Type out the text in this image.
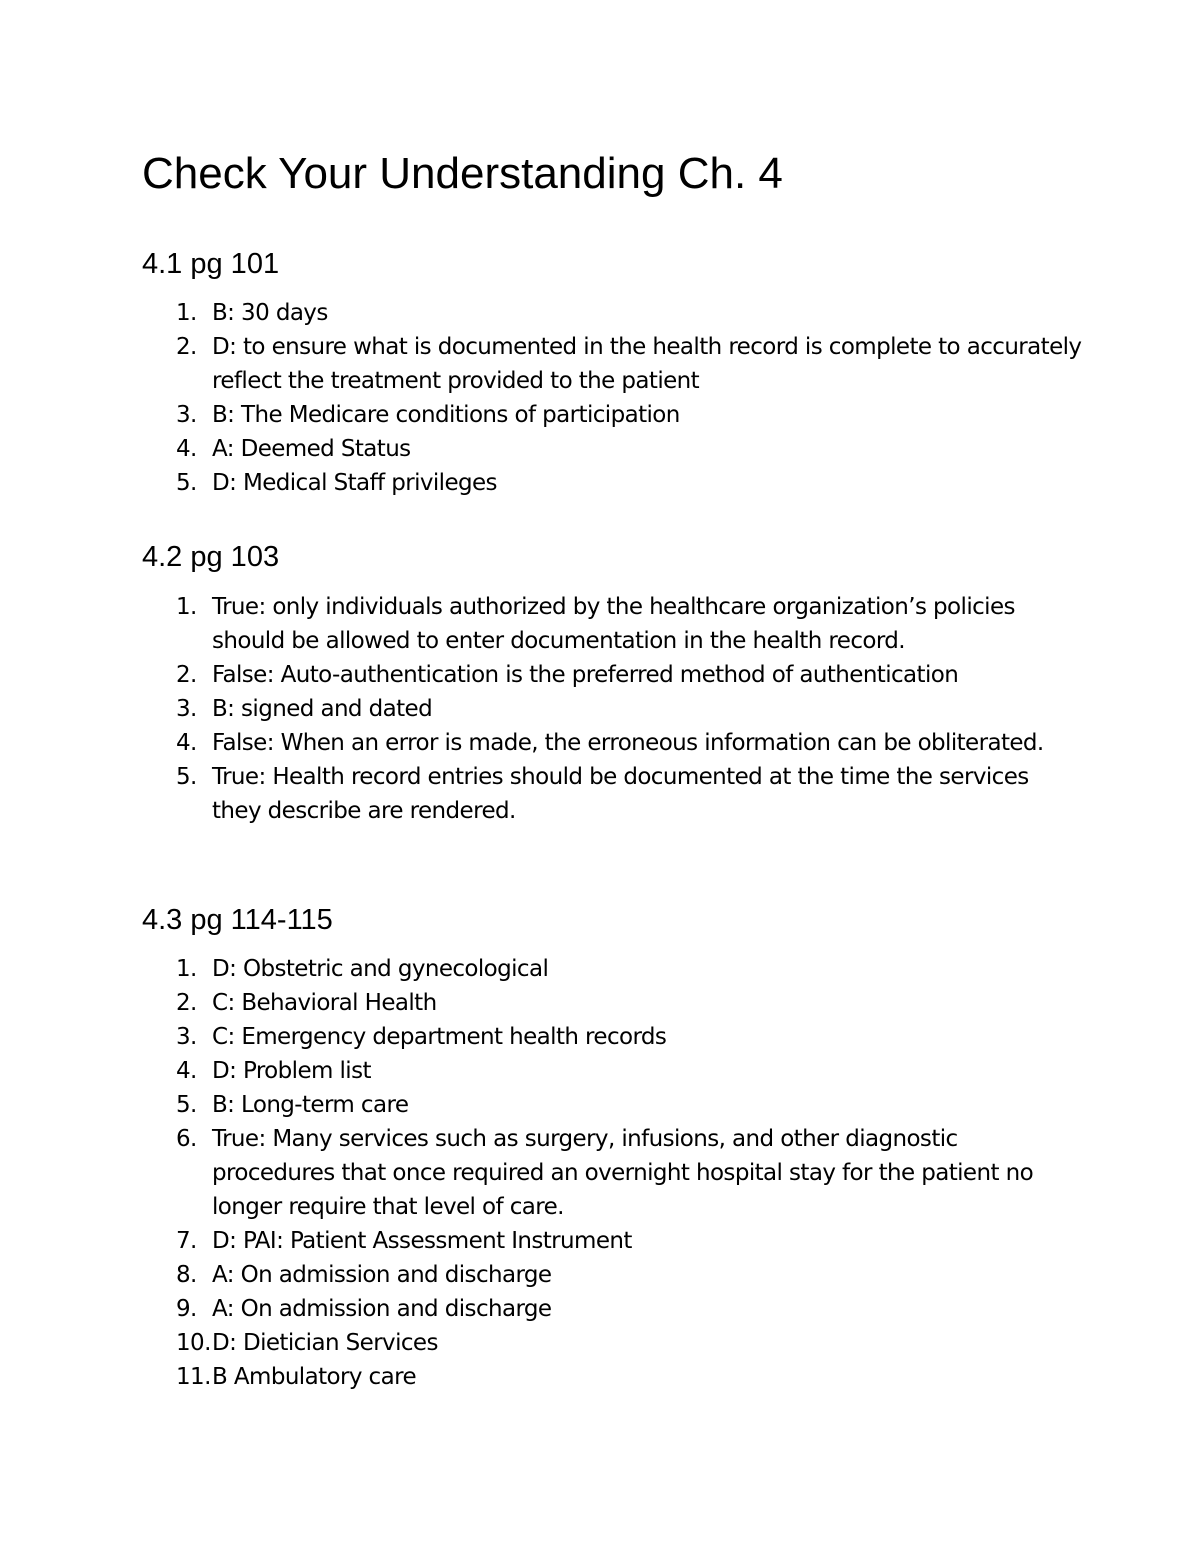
Check Your Understanding Ch. 4
4.1 pg 101
1. B: 30 days
2. D: to ensure what is documented in the health record is complete to accurately reflect the treatment provided to the patient
3. B: The Medicare conditions of participation
4. A: Deemed Status
5. D: Medical Staff privileges
4.2 pg 103
1. True: only individuals authorized by the healthcare organization’s policies should be allowed to enter documentation in the health record.
2. False: Auto-authentication is the preferred method of authentication
3. B: signed and dated
4. False: When an error is made, the erroneous information can be obliterated.
5. True: Health record entries should be documented at the time the services they describe are rendered.
4.3 pg 114-115
1. D: Obstetric and gynecological
2. C: Behavioral Health
3. C: Emergency department health records
4. D: Problem list
5. B: Long-term care
6. True: Many services such as surgery, infusions, and other diagnostic procedures that once required an overnight hospital stay for the patient no longer require that level of care.
7. D: PAI: Patient Assessment Instrument
8. A: On admission and discharge
9. A: On admission and discharge
10. D: Dietician Services
11. B Ambulatory care
